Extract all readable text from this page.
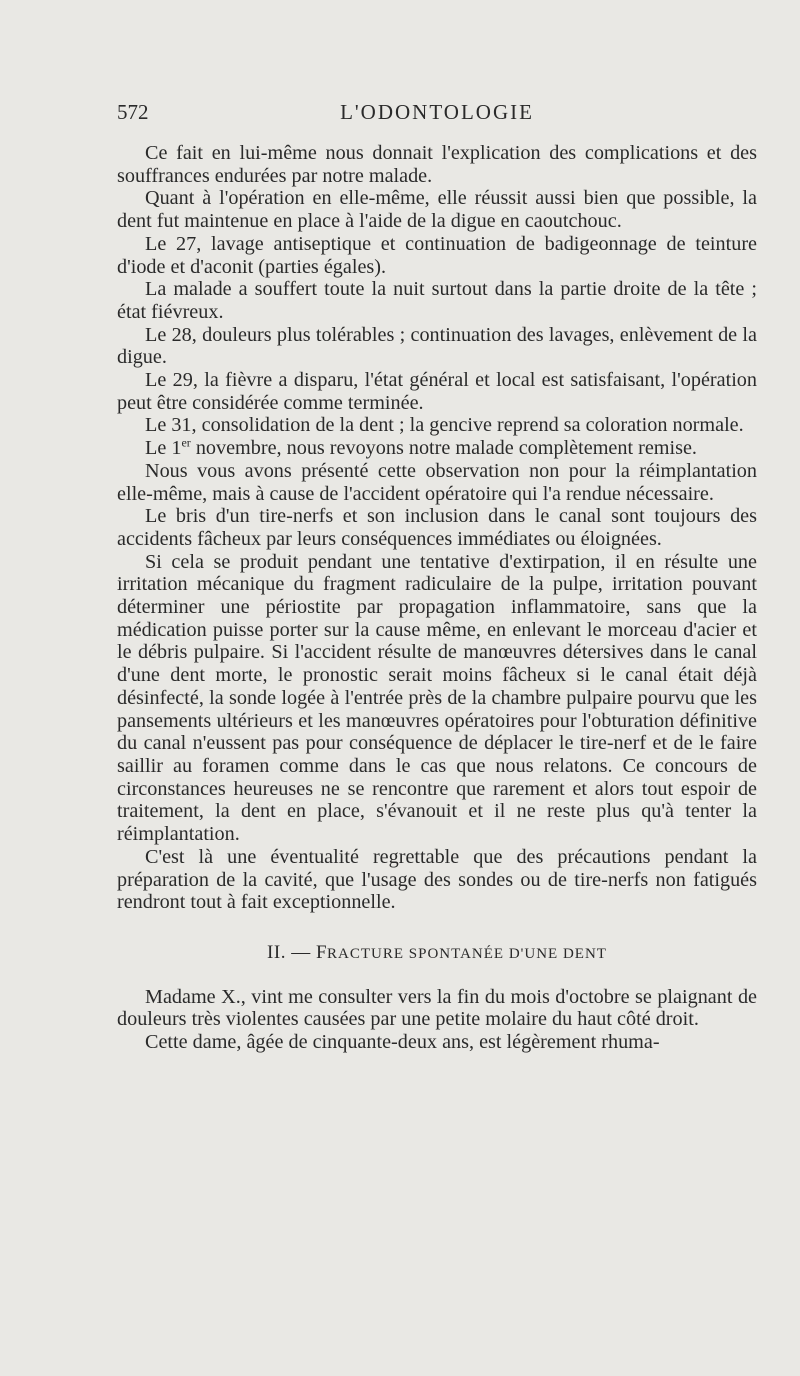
572	L'ODONTOLOGIE

Ce fait en lui-même nous donnait l'explication des complications et des souffrances endurées par notre malade.

Quant à l'opération en elle-même, elle réussit aussi bien que possible, la dent fut maintenue en place à l'aide de la digue en caoutchouc.

Le 27, lavage antiseptique et continuation de badigeonnage de teinture d'iode et d'aconit (parties égales).

La malade a souffert toute la nuit surtout dans la partie droite de la tête ; état fiévreux.

Le 28, douleurs plus tolérables ; continuation des lavages, enlèvement de la digue.

Le 29, la fièvre a disparu, l'état général et local est satisfaisant, l'opération peut être considérée comme terminée.

Le 31, consolidation de la dent ; la gencive reprend sa coloration normale.

Le 1er novembre, nous revoyons notre malade complètement remise.

Nous vous avons présenté cette observation non pour la réimplantation elle-même, mais à cause de l'accident opératoire qui l'a rendue nécessaire.

Le bris d'un tire-nerfs et son inclusion dans le canal sont toujours des accidents fâcheux par leurs conséquences immédiates ou éloignées.

Si cela se produit pendant une tentative d'extirpation, il en résulte une irritation mécanique du fragment radiculaire de la pulpe, irritation pouvant déterminer une périostite par propagation inflammatoire, sans que la médication puisse porter sur la cause même, en enlevant le morceau d'acier et le débris pulpaire. Si l'accident résulte de manœuvres détersives dans le canal d'une dent morte, le pronostic serait moins fâcheux si le canal était déjà désinfecté, la sonde logée à l'entrée près de la chambre pulpaire pourvu que les pansements ultérieurs et les manœuvres opératoires pour l'obturation définitive du canal n'eussent pas pour conséquence de déplacer le tire-nerf et de le faire saillir au foramen comme dans le cas que nous relatons. Ce concours de circonstances heureuses ne se rencontre que rarement et alors tout espoir de traitement, la dent en place, s'évanouit et il ne reste plus qu'à tenter la réimplantation.

C'est là une éventualité regrettable que des précautions pendant la préparation de la cavité, que l'usage des sondes ou de tire-nerfs non fatigués rendront tout à fait exceptionnelle.

II. — FRACTURE SPONTANÉE D'UNE DENT

Madame X., vint me consulter vers la fin du mois d'octobre se plaignant de douleurs très violentes causées par une petite molaire du haut côté droit.

Cette dame, âgée de cinquante-deux ans, est légèrement rhuma-
